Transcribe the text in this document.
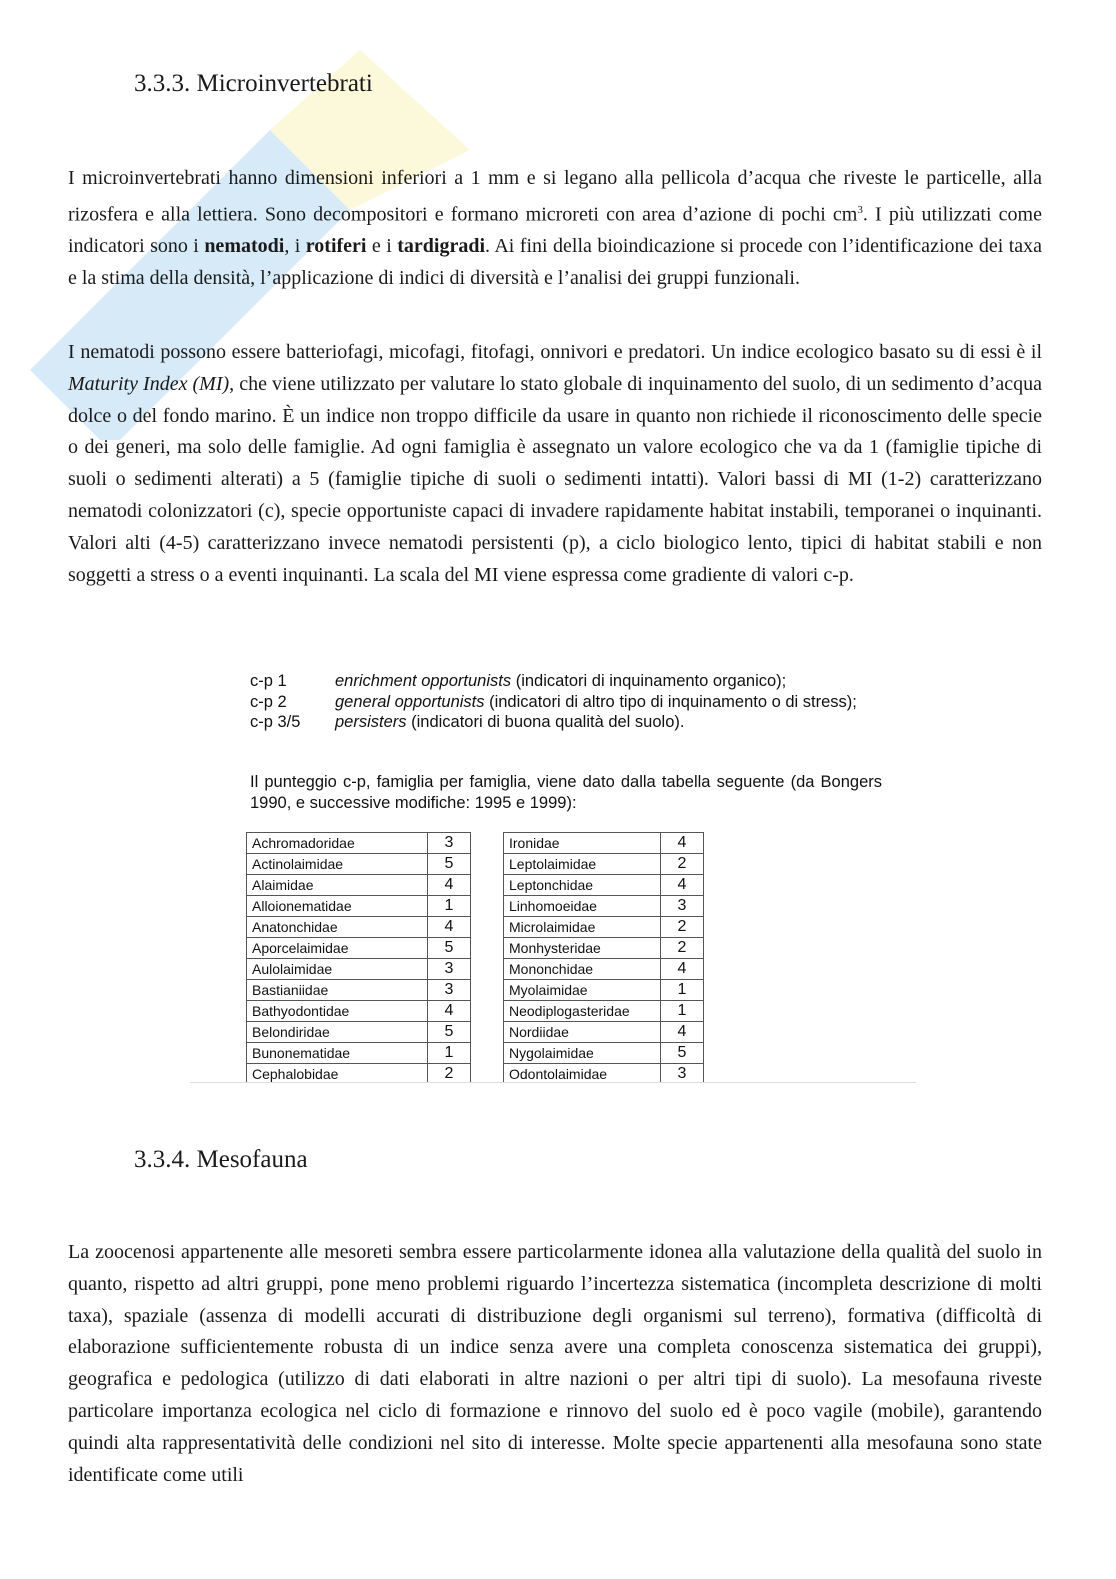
3.3.3. Microinvertebrati

I microinvertebrati hanno dimensioni inferiori a 1 mm e si legano alla pellicola d’acqua che riveste le particelle, alla rizosfera e alla lettiera. Sono decompositori e formano microreti con area d’azione di pochi $cm^3$. I più utilizzati come indicatori sono i nematodi, i rotiferi e i tardigradi. Ai fini della bioindicazione si procede con l’identificazione dei taxa e la stima della densità, l’applicazione di indici di diversità e l’analisi dei gruppi funzionali.

I nematodi possono essere batteriofagi, micofagi, fitofagi, onnivori e predatori. Un indice ecologico basato su di essi è il Maturity Index (MI), che viene utilizzato per valutare lo stato globale di inquinamento del suolo, di un sedimento d’acqua dolce o del fondo marino. È un indice non troppo difficile da usare in quanto non richiede il riconoscimento delle specie o dei generi, ma solo delle famiglie. Ad ogni famiglia è assegnato un valore ecologico che va da 1 (famiglie tipiche di suoli o sedimenti alterati) a 5 (famiglie tipiche di suoli o sedimenti intatti). Valori bassi di MI (1-2) caratterizzano nematodi colonizzatori (c), specie opportuniste capaci di invadere rapidamente habitat instabili, temporanei o inquinanti. Valori alti (4-5) caratterizzano invece nematodi persistenti (p), a ciclo biologico lento, tipici di habitat stabili e non soggetti a stress o a eventi inquinanti. La scala del MI viene espressa come gradiente di valori c-p.

c-p 1	enrichment opportunists (indicatori di inquinamento organico);
c-p 2	general opportunists (indicatori di altro tipo di inquinamento o di stress);
c-p 3/5	persisters (indicatori di buona qualità del suolo).
Il punteggio c-p, famiglia per famiglia, viene dato dalla tabella seguente (da Bongers 1990, e successive modifiche: 1995 e 1999):
Achromadoridae	3
Actinolaimidae	5
Alaimidae	4
Alloionematidae	1
Anatonchidae	4
Aporcelaimidae	5
Aulolaimidae	3
Bastianiidae	3
Bathyodontidae	4
Belondiridae	5
Bunonematidae	1
Cephalobidae	2
Ironidae	4
Leptolaimidae	2
Leptonchidae	4
Linhomoeidae	3
Microlaimidae	2
Monhysteridae	2
Mononchidae	4
Myolaimidae	1
Neodiplogasteridae	1
Nordiidae	4
Nygolaimidae	5
Odontolaimidae	3
3.3.4. Mesofauna

La zoocenosi appartenente alle mesoreti sembra essere particolarmente idonea alla valutazione della qualità del suolo in quanto, rispetto ad altri gruppi, pone meno problemi riguardo l’incertezza sistematica (incompleta descrizione di molti taxa), spaziale (assenza di modelli accurati di distribuzione degli organismi sul terreno), formativa (difficoltà di elaborazione sufficientemente robusta di un indice senza avere una completa conoscenza sistematica dei gruppi), geografica e pedologica (utilizzo di dati elaborati in altre nazioni o per altri tipi di suolo). La mesofauna riveste particolare importanza ecologica nel ciclo di formazione e rinnovo del suolo ed è poco vagile (mobile), garantendo quindi alta rappresentatività delle condizioni nel sito di interesse. Molte specie appartenenti alla mesofauna sono state identificate come utili
